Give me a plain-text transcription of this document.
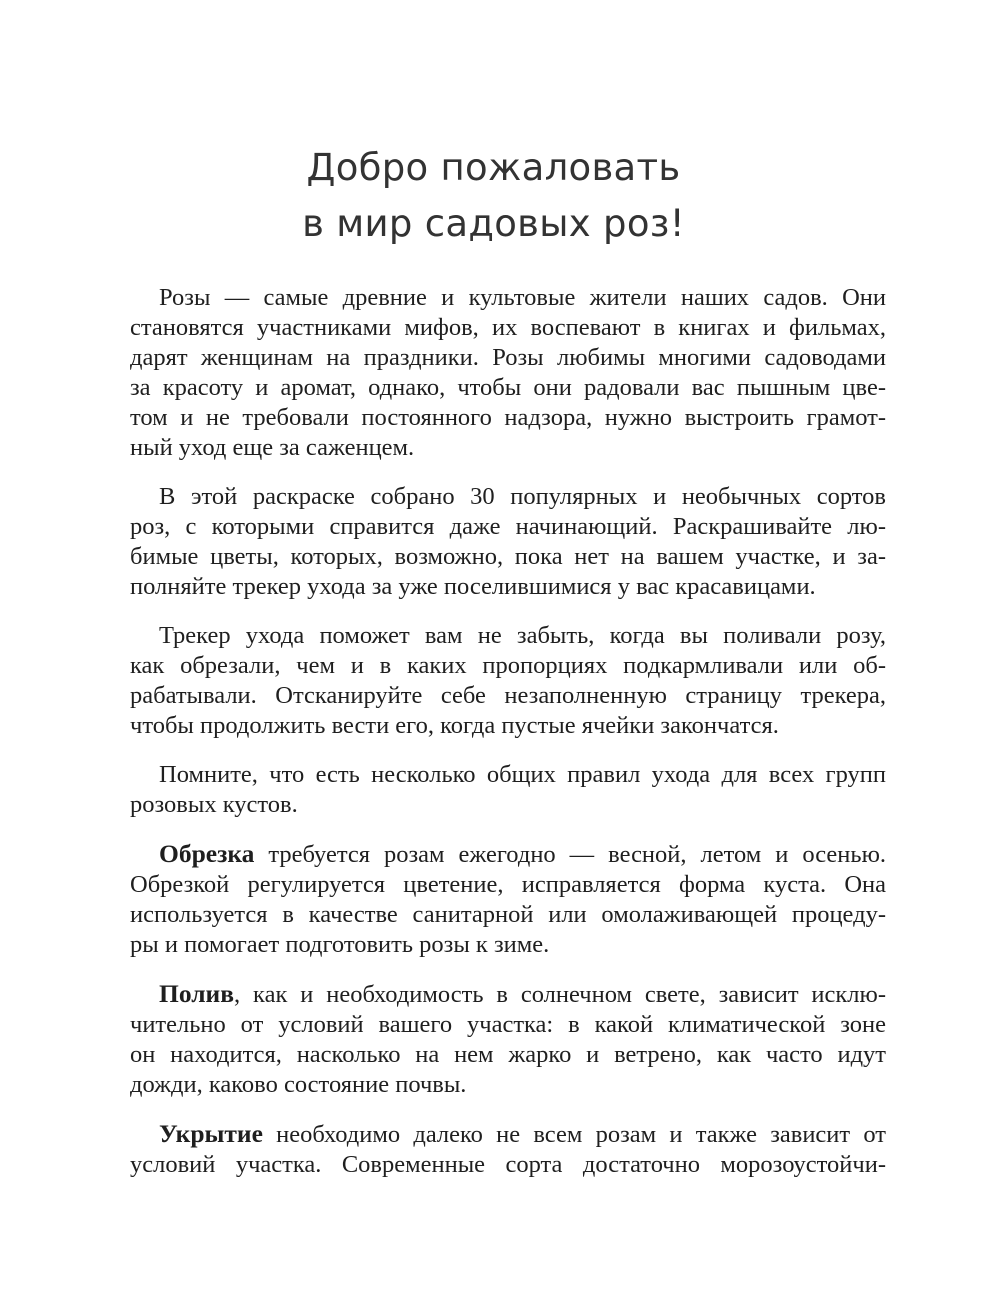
Добро пожаловать
в мир садовых роз!
Розы — самые древние и культовые жители наших садов. Они
становятся участниками мифов, их воспевают в книгах и фильмах,
дарят женщинам на праздники. Розы любимы многими садоводами
за красоту и аромат, однако, чтобы они радовали вас пышным цве-
том и не требовали постоянного надзора, нужно выстроить грамот-
ный уход еще за саженцем.
В этой раскраске собрано 30 популярных и необычных сортов
роз, с которыми справится даже начинающий. Раскрашивайте лю-
бимые цветы, которых, возможно, пока нет на вашем участке, и за-
полняйте трекер ухода за уже поселившимися у вас красавицами.
Трекер ухода поможет вам не забыть, когда вы поливали розу,
как обрезали, чем и в каких пропорциях подкармливали или об-
рабатывали. Отсканируйте себе незаполненную страницу трекера,
чтобы продолжить вести его, когда пустые ячейки закончатся.
Помните, что есть несколько общих правил ухода для всех групп
розовых кустов.
Обрезка требуется розам ежегодно — весной, летом и осенью.
Обрезкой регулируется цветение, исправляется форма куста. Она
используется в качестве санитарной или омолаживающей процеду-
ры и помогает подготовить розы к зиме.
Полив, как и необходимость в солнечном свете, зависит исклю-
чительно от условий вашего участка: в какой климатической зоне
он находится, насколько на нем жарко и ветрено, как часто идут
дожди, каково состояние почвы.
Укрытие необходимо далеко не всем розам и также зависит от
условий участка. Современные сорта достаточно морозоустойчи-
